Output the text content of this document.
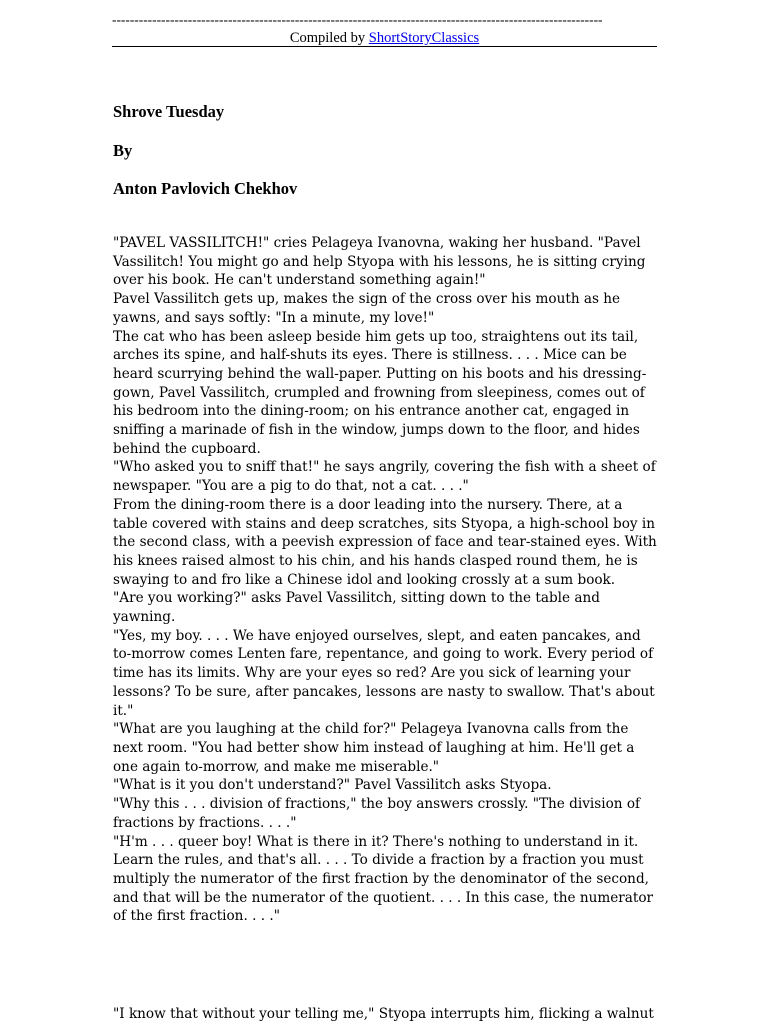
--------------------------------------------------------------------------------------------------------------
Compiled by ShortStoryClassics
Shrove Tuesday
By
Anton Pavlovich Chekhov

"PAVEL VASSILITCH!" cries Pelageya Ivanovna, waking her husband. "Pavel Vassilitch! You might go and help Styopa with his lessons, he is sitting crying over his book. He can't understand something again!"

Pavel Vassilitch gets up, makes the sign of the cross over his mouth as he yawns, and says softly: "In a minute, my love!"

The cat who has been asleep beside him gets up too, straightens out its tail, arches its spine, and half-shuts its eyes. There is stillness. . . . Mice can be heard scurrying behind the wall-paper. Putting on his boots and his dressing-gown, Pavel Vassilitch, crumpled and frowning from sleepiness, comes out of his bedroom into the dining-room; on his entrance another cat, engaged in sniffing a marinade of fish in the window, jumps down to the floor, and hides behind the cupboard.

"Who asked you to sniff that!" he says angrily, covering the fish with a sheet of newspaper. "You are a pig to do that, not a cat. . . ."

From the dining-room there is a door leading into the nursery. There, at a table covered with stains and deep scratches, sits Styopa, a high-school boy in the second class, with a peevish expression of face and tear-stained eyes. With his knees raised almost to his chin, and his hands clasped round them, he is swaying to and fro like a Chinese idol and looking crossly at a sum book.

"Are you working?" asks Pavel Vassilitch, sitting down to the table and yawning.

"Yes, my boy. . . . We have enjoyed ourselves, slept, and eaten pancakes, and to-morrow comes Lenten fare, repentance, and going to work. Every period of time has its limits. Why are your eyes so red? Are you sick of learning your lessons? To be sure, after pancakes, lessons are nasty to swallow. That's about it."

"What are you laughing at the child for?" Pelageya Ivanovna calls from the next room. "You had better show him instead of laughing at him. He'll get a one again to-morrow, and make me miserable."

"What is it you don't understand?" Pavel Vassilitch asks Styopa.

"Why this . . . division of fractions," the boy answers crossly. "The division of fractions by fractions. . . ."

"H'm . . . queer boy! What is there in it? There's nothing to understand in it. Learn the rules, and that's all. . . . To divide a fraction by a fraction you must multiply the numerator of the first fraction by the denominator of the second, and that will be the numerator of the quotient. . . . In this case, the numerator of the first fraction. . . ."

"I know that without your telling me," Styopa interrupts him, flicking a walnut
